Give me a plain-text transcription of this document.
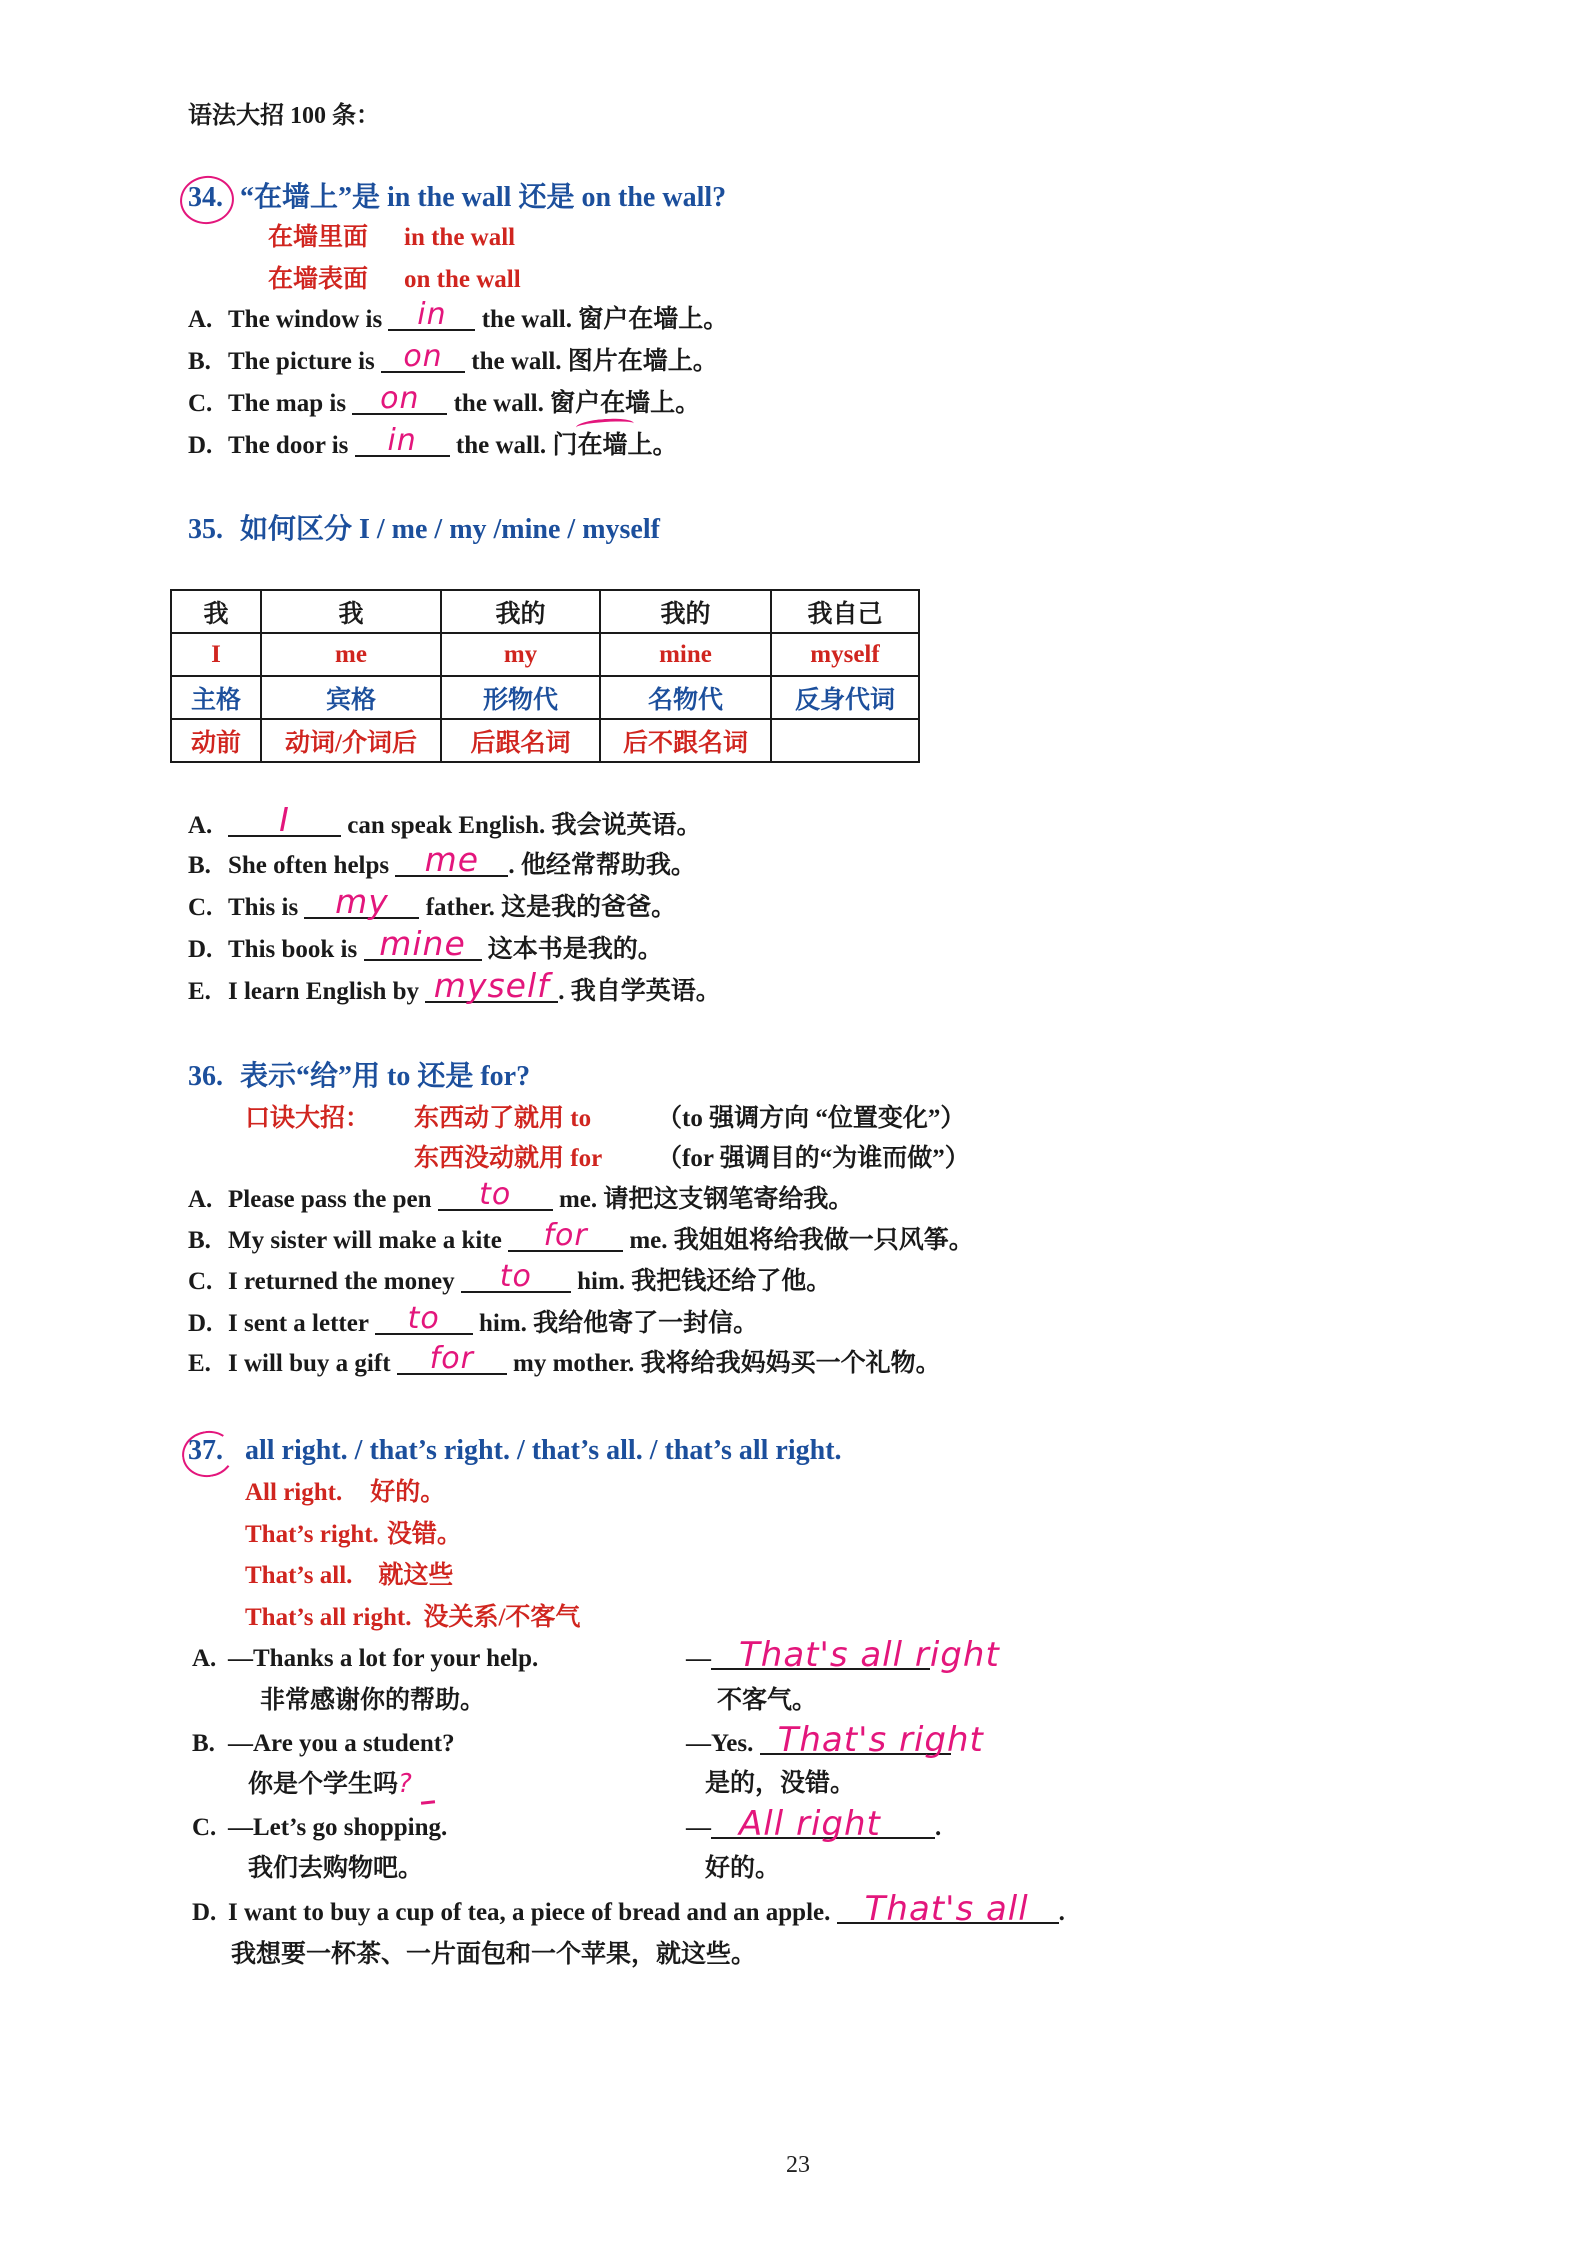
语法大招 100 条：
34. “在墙上”是 in the wall 还是 on the wall?
在墙里面 in the wall
在墙表面 on the wall
A. The window is	in	the wall. 窗户在墙上。
B. The picture is on	the wall. 图片在墙上。
C. The map is	on	the wall. 窗户在墙上。
D. The door is	in	the wall. 门在墙上。
35. 如何区分 I / me / my /mine / myself
我	我	我的	我的	我自己
I	me	my	mine	myself
主格	宾格	形物代	名物代	反身代词
动前	动词/介词后	后跟名词	后不跟名词	
A.	I	can speak English. 我会说英语。
B. She often helps	me	. 他经常帮助我。
C. This is	my	father. 这是我的爸爸。
D. This book is mine 这本书是我的。
E. I learn English by myself . 我自学英语。
36. 表示“给”用 to 还是 for?
口诀大招： 东西动了就用 to	（to 强调方向 “位置变化”）
东西没动就用 for （for 强调目的“为谁而做”）
A. Please pass the pen	to	me. 请把这支钢笔寄给我。
B. My sister will make a kite	for	me. 我姐姐将给我做一只风筝。
C. I returned the money	to	him. 我把钱还给了他。
D. I sent a letter	to	him. 我给他寄了一封信。
E. I will buy a gift	for	my mother. 我将给我妈妈买一个礼物。
37. all right. / that’s right. / that’s all. / that’s all right.
All right. 好的。
That’s right. 没错。
That’s all. 就这些
That’s all right. 没关系/不客气
A. —Thanks a lot for your help.
非常感谢你的帮助。
— That's all right
不客气。
B. —Are you a student?
你是个学生吗?
—Yes. That's right
是的，没错。
C. —Let’s go shopping.
我们去购物吧。
— All right .
好的。
D. I want to buy a cup of tea, a piece of bread and an apple. That's all .
我想要一杯茶、一片面包和一个苹果，就这些。
23
